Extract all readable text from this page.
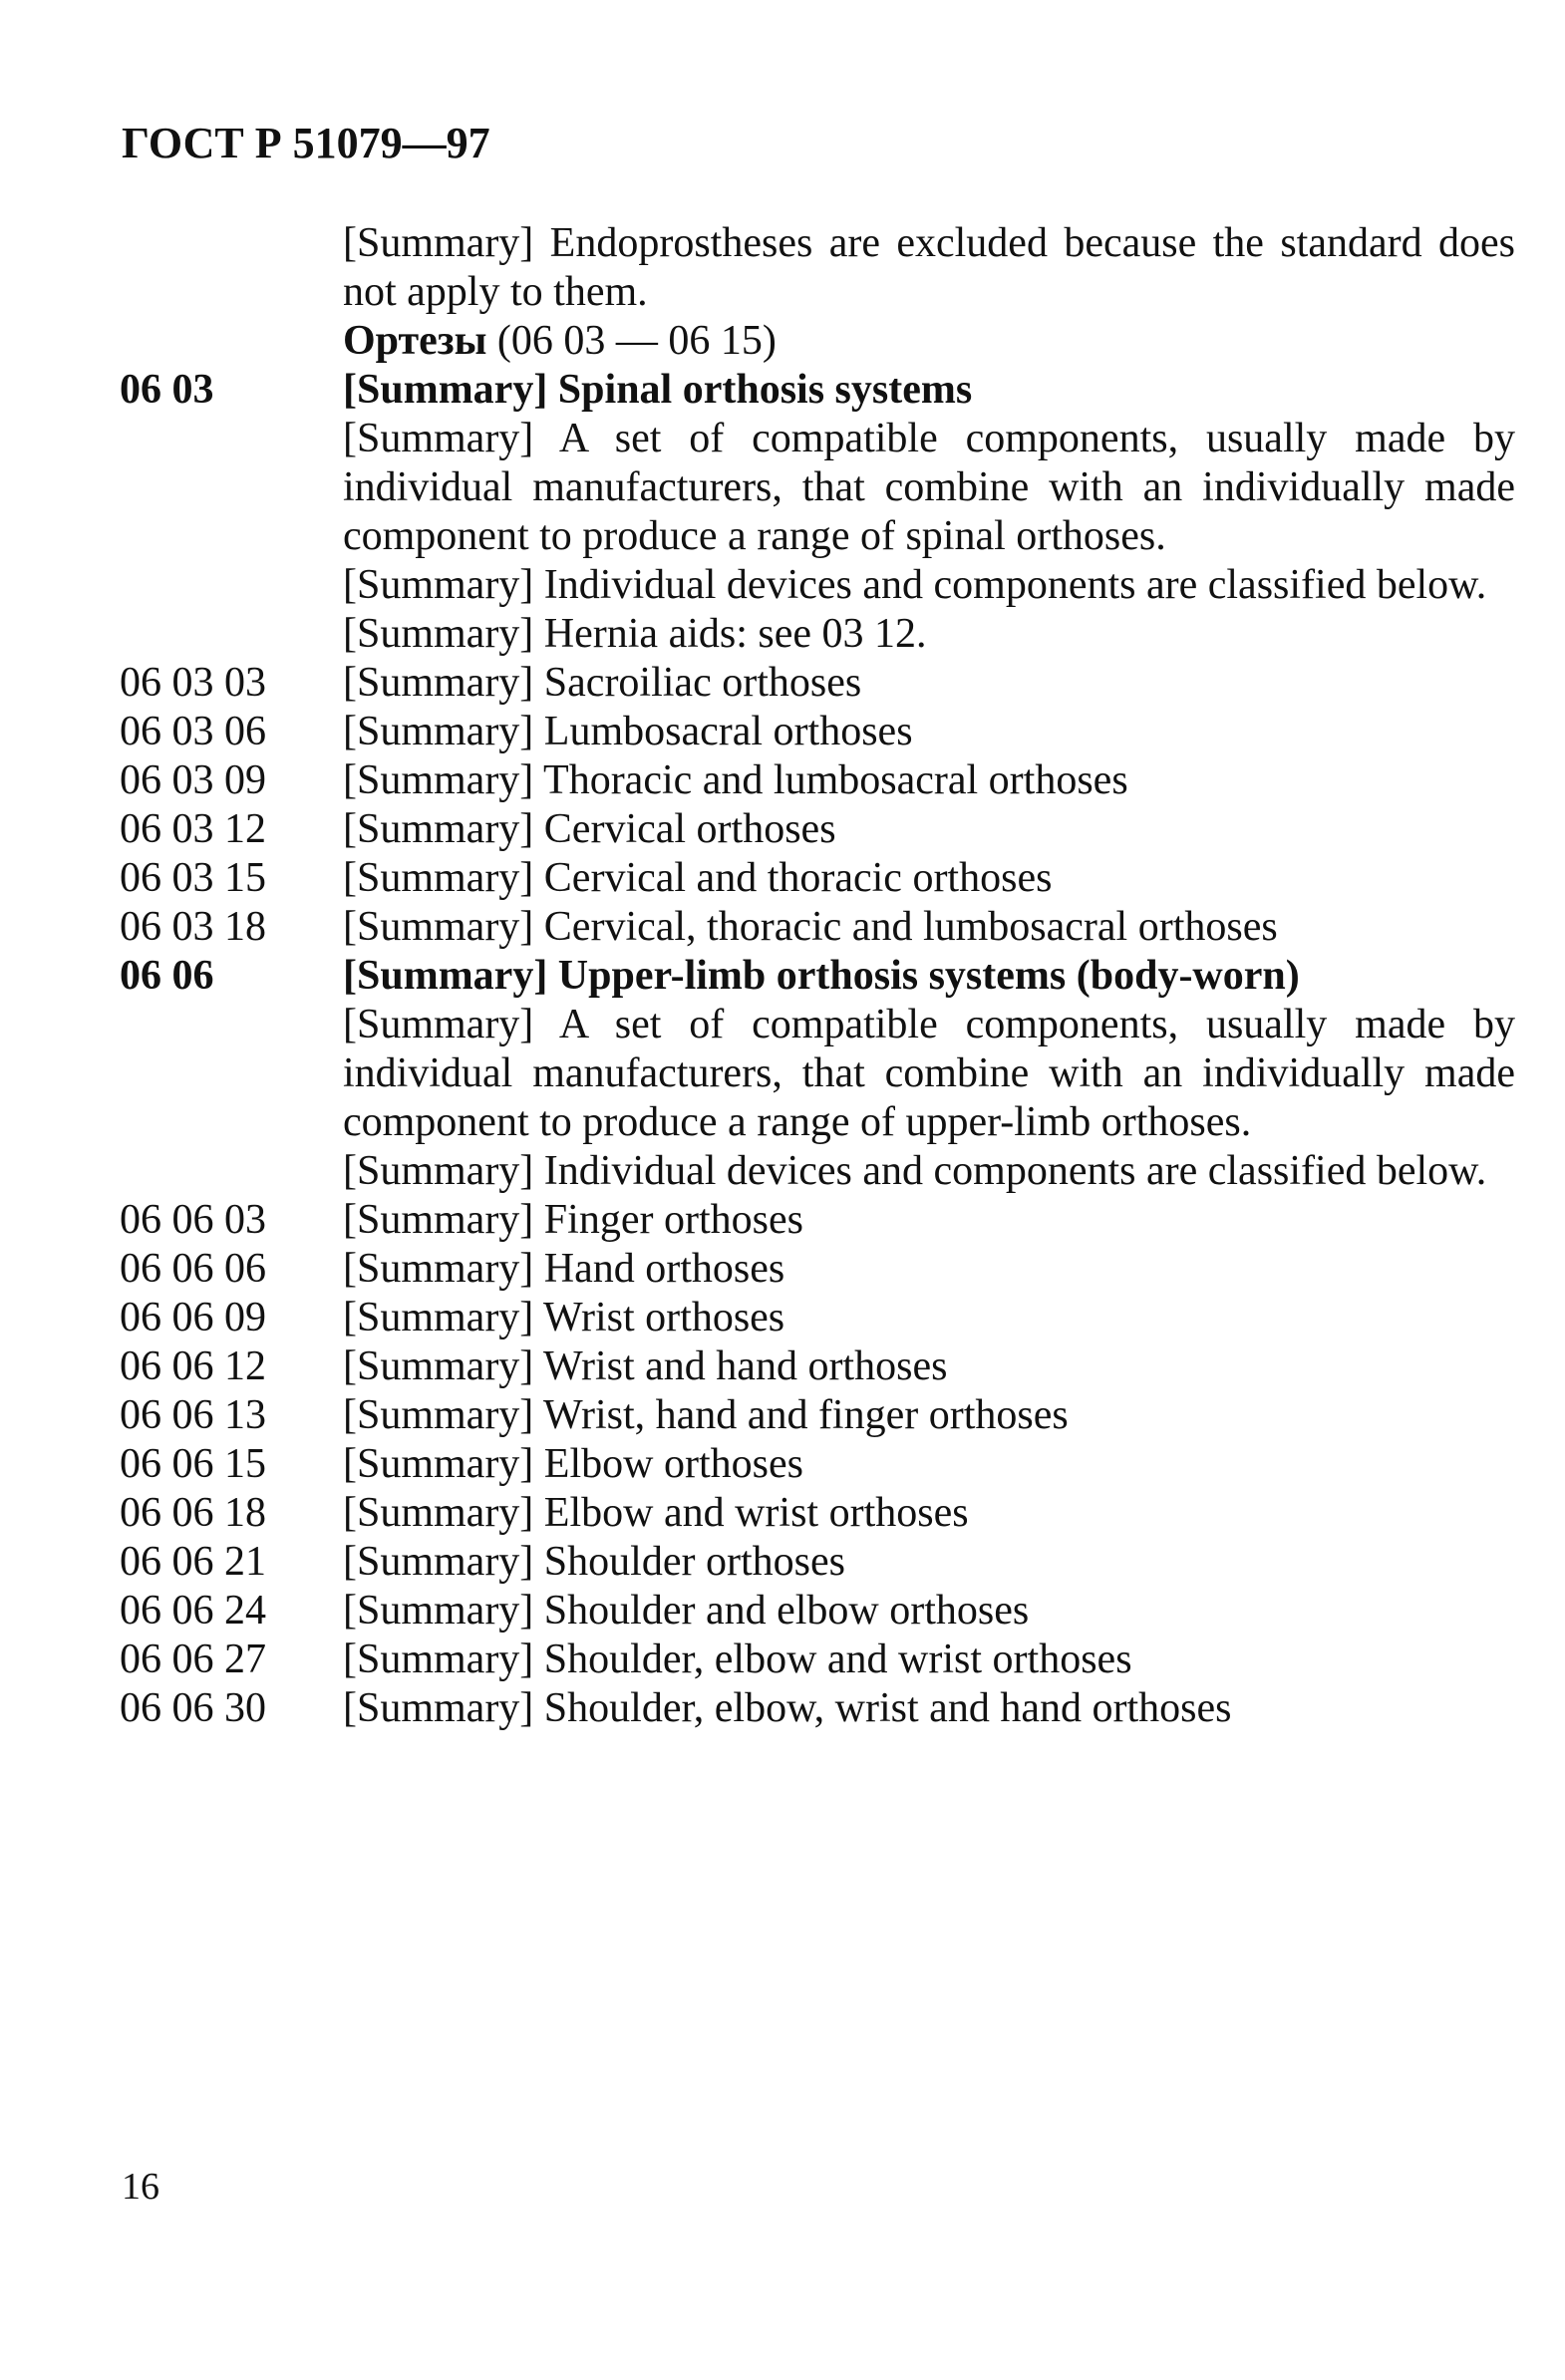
ГОСТ Р 51079—97
[Summary] Endoprostheses are excluded because the standard does not apply to them.
Ортезы (06 03 — 06 15)
06 03	[Summary] Spinal orthosis systems
[Summary] A set of compatible components, usually made by individual manufacturers, that combine with an individually made component to produce a range of spinal orthoses.
[Summary] Individual devices and components are classified below.
[Summary] Hernia aids: see 03 12.
06 03 03	[Summary] Sacroiliac orthoses
06 03 06	[Summary] Lumbosacral orthoses
06 03 09	[Summary] Thoracic and lumbosacral orthoses
06 03 12	[Summary] Cervical orthoses
06 03 15	[Summary] Cervical and thoracic orthoses
06 03 18	[Summary] Cervical, thoracic and lumbosacral orthoses
06 06	[Summary] Upper-limb orthosis systems (body-worn)
[Summary] A set of compatible components, usually made by individual manufacturers, that combine with an individually made component to produce a range of upper-limb orthoses.
[Summary] Individual devices and components are classified below.
06 06 03	[Summary] Finger orthoses
06 06 06	[Summary] Hand orthoses
06 06 09	[Summary] Wrist orthoses
06 06 12	[Summary] Wrist and hand orthoses
06 06 13	[Summary] Wrist, hand and finger orthoses
06 06 15	[Summary] Elbow orthoses
06 06 18	[Summary] Elbow and wrist orthoses
06 06 21	[Summary] Shoulder orthoses
06 06 24	[Summary] Shoulder and elbow orthoses
06 06 27	[Summary] Shoulder, elbow and wrist orthoses
06 06 30	[Summary] Shoulder, elbow, wrist and hand orthoses
16
